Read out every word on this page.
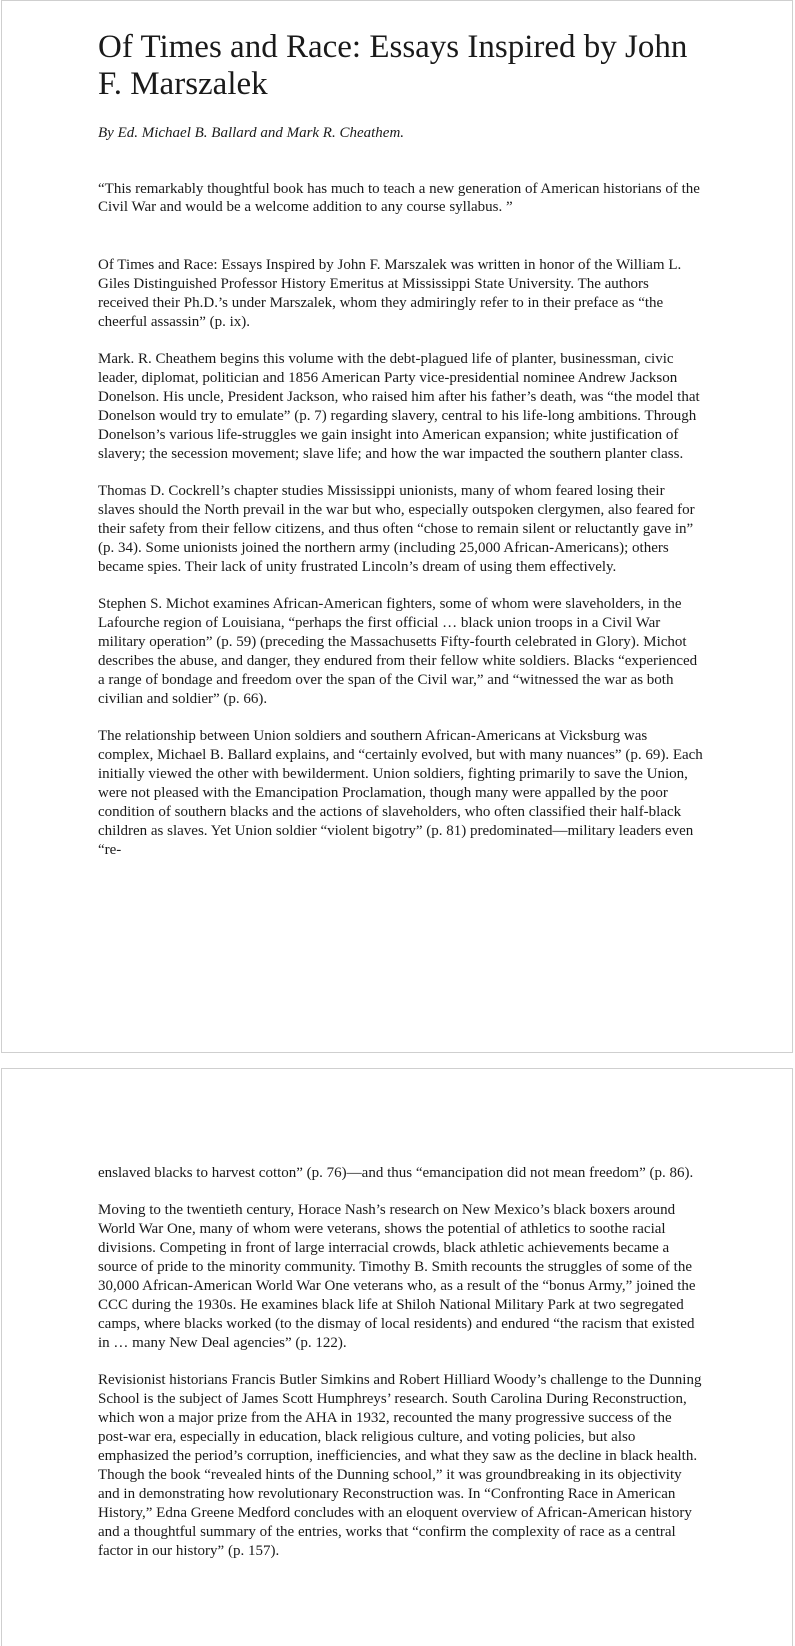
Of Times and Race: Essays Inspired by John F. Marszalek

By Ed. Michael B. Ballard and Mark R. Cheathem.

“This remarkably thoughtful book has much to teach a new generation of American historians of the Civil War and would be a welcome addition to any course syllabus. ”

Of Times and Race: Essays Inspired by John F. Marszalek was written in honor of the William L. Giles Distinguished Professor History Emeritus at Mississippi State University. The authors received their Ph.D.’s under Marszalek, whom they admiringly refer to in their preface as “the cheerful assassin” (p. ix).

Mark. R. Cheathem begins this volume with the debt-plagued life of planter, businessman, civic leader, diplomat, politician and 1856 American Party vice-presidential nominee Andrew Jackson Donelson. His uncle, President Jackson, who raised him after his father’s death, was “the model that Donelson would try to emulate” (p. 7) regarding slavery, central to his life-long ambitions. Through Donelson’s various life-struggles we gain insight into American expansion; white justification of slavery; the secession movement; slave life; and how the war impacted the southern planter class.

Thomas D. Cockrell’s chapter studies Mississippi unionists, many of whom feared losing their slaves should the North prevail in the war but who, especially outspoken clergymen, also feared for their safety from their fellow citizens, and thus often “chose to remain silent or reluctantly gave in” (p. 34). Some unionists joined the northern army (including 25,000 African-Americans); others became spies. Their lack of unity frustrated Lincoln’s dream of using them effectively.

Stephen S. Michot examines African-American fighters, some of whom were slaveholders, in the Lafourche region of Louisiana, “perhaps the first official … black union troops in a Civil War military operation” (p. 59) (preceding the Massachusetts Fifty-fourth celebrated in Glory). Michot describes the abuse, and danger, they endured from their fellow white soldiers. Blacks “experienced a range of bondage and freedom over the span of the Civil war,” and “witnessed the war as both civilian and soldier” (p. 66).

The relationship between Union soldiers and southern African-Americans at Vicksburg was complex, Michael B. Ballard explains, and “certainly evolved, but with many nuances” (p. 69). Each initially viewed the other with bewilderment. Union soldiers, fighting primarily to save the Union, were not pleased with the Emancipation Proclamation, though many were appalled by the poor condition of southern blacks and the actions of slaveholders, who often classified their half-black children as slaves. Yet Union soldier “violent bigotry” (p. 81) predominated—military leaders even “re-

enslaved blacks to harvest cotton” (p. 76)—and thus “emancipation did not mean freedom” (p. 86).

Moving to the twentieth century, Horace Nash’s research on New Mexico’s black boxers around World War One, many of whom were veterans, shows the potential of athletics to soothe racial divisions. Competing in front of large interracial crowds, black athletic achievements became a source of pride to the minority community. Timothy B. Smith recounts the struggles of some of the 30,000 African-American World War One veterans who, as a result of the “bonus Army,” joined the CCC during the 1930s. He examines black life at Shiloh National Military Park at two segregated camps, where blacks worked (to the dismay of local residents) and endured “the racism that existed in … many New Deal agencies” (p. 122).

Revisionist historians Francis Butler Simkins and Robert Hilliard Woody’s challenge to the Dunning School is the subject of James Scott Humphreys’ research. South Carolina During Reconstruction, which won a major prize from the AHA in 1932, recounted the many progressive success of the post-war era, especially in education, black religious culture, and voting policies, but also emphasized the period’s corruption, inefficiencies, and what they saw as the decline in black health. Though the book “revealed hints of the Dunning school,” it was groundbreaking in its objectivity and in demonstrating how revolutionary Reconstruction was. In “Confronting Race in American History,” Edna Greene Medford concludes with an eloquent overview of African-American history and a thoughtful summary of the entries, works that “confirm the complexity of race as a central factor in our history” (p. 157).
